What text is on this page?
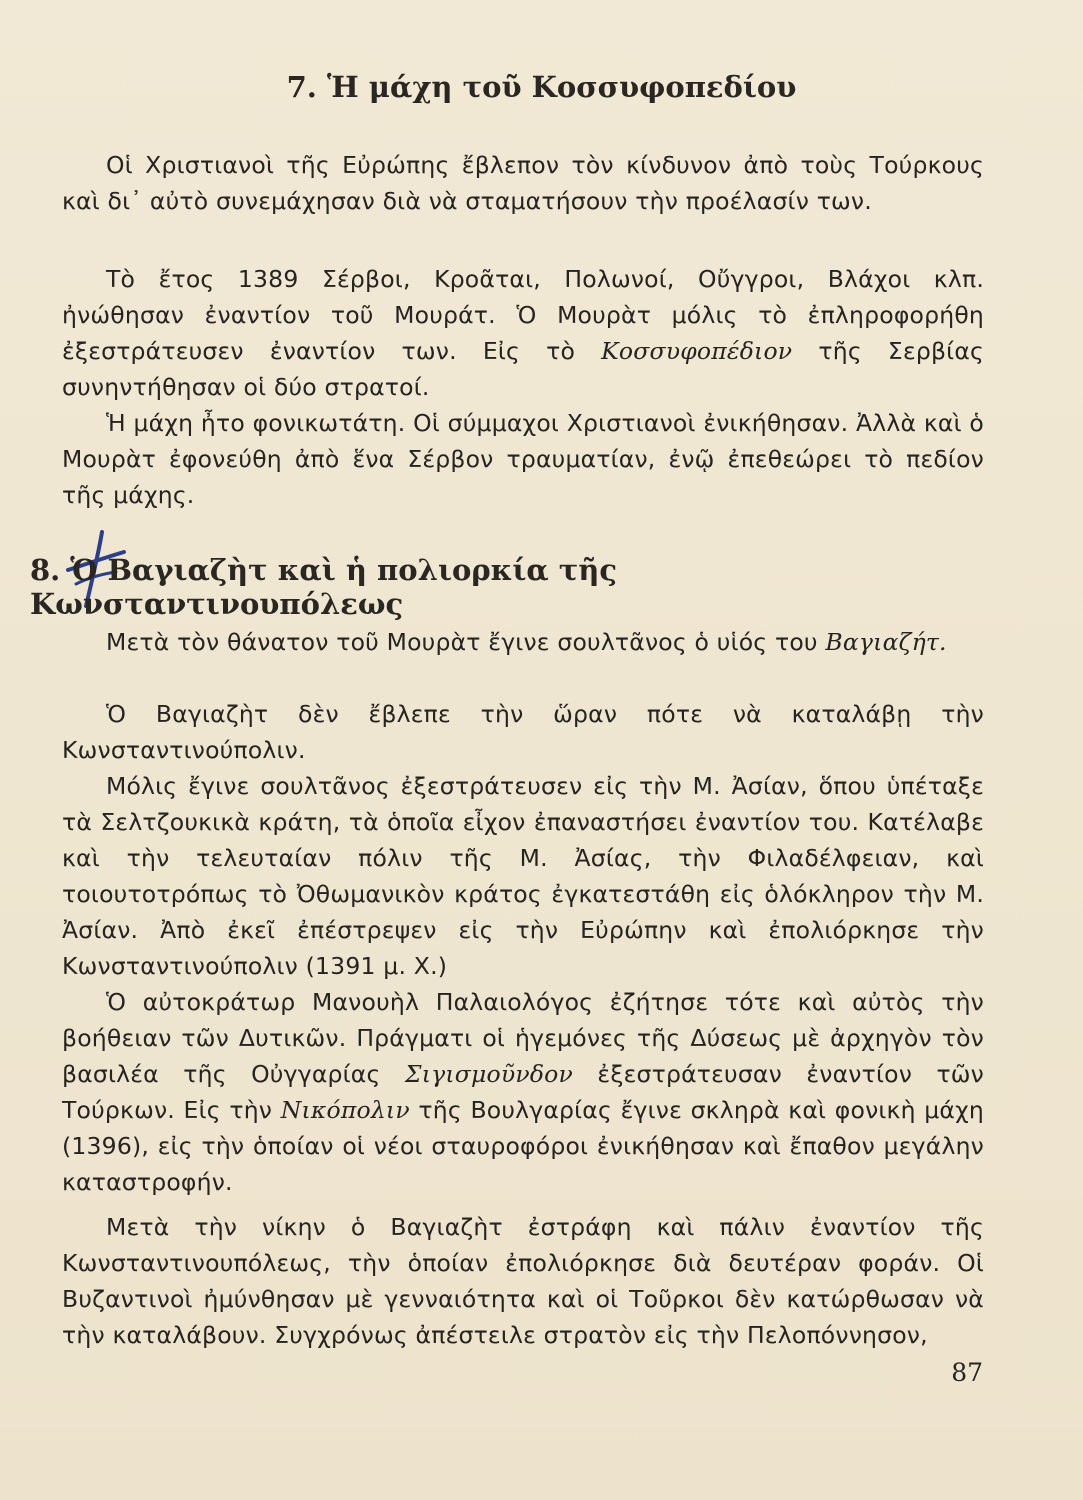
7. Ἡ μάχη τοῦ Κοσσυφοπεδίου
Οἱ Χριστιανοὶ τῆς Εὐρώπης ἔβλεπον τὸν κίνδυνον ἀπὸ τοὺς Τούρκους καὶ δι᾽ αὐτὸ συνεμάχησαν διὰ νὰ σταματήσουν τὴν προέλασίν των.
Τὸ ἔτος 1389 Σέρβοι, Κροᾶται, Πολωνοί, Οὔγγροι, Βλάχοι κλπ. ἠνώθησαν ἐναντίον τοῦ Μουράτ. Ὁ Μουρὰτ μόλις τὸ ἐπληροφορήθη ἐξεστράτευσεν ἐναντίον των. Εἰς τὸ Κοσσυφοπέδιον τῆς Σερβίας συνηντήθησαν οἱ δύο στρατοί.
Ἡ μάχη ἦτο φονικωτάτη. Οἱ σύμμαχοι Χριστιανοὶ ἐνικήθησαν. Ἀλλὰ καὶ ὁ Μουρὰτ ἐφονεύθη ἀπὸ ἕνα Σέρβον τραυματίαν, ἐνῷ ἐπεθεώρει τὸ πεδίον τῆς μάχης.
8. Ὁ Βαγιαζὴτ καὶ ἡ πολιορκία τῆς Κωνσταντινουπόλεως
Μετὰ τὸν θάνατον τοῦ Μουρὰτ ἔγινε σουλτᾶνος ὁ υἱός του Βαγιαζήτ.
Ὁ Βαγιαζὴτ δὲν ἔβλεπε τὴν ὥραν πότε νὰ καταλάβῃ τὴν Κωνσταντινούπολιν.
Μόλις ἔγινε σουλτᾶνος ἐξεστράτευσεν εἰς τὴν Μ. Ἀσίαν, ὅπου ὑπέταξε τὰ Σελτζουκικὰ κράτη, τὰ ὁποῖα εἶχον ἐπαναστήσει ἐναντίον του. Κατέλαβε καὶ τὴν τελευταίαν πόλιν τῆς Μ. Ἀσίας, τὴν Φιλαδέλφειαν, καὶ τοιουτοτρόπως τὸ Ὀθωμανικὸν κράτος ἐγκατεστάθη εἰς ὁλόκληρον τὴν Μ. Ἀσίαν. Ἀπὸ ἐκεῖ ἐπέστρεψεν εἰς τὴν Εὐρώπην καὶ ἐπολιόρκησε τὴν Κωνσταντινούπολιν (1391 μ. Χ.)
Ὁ αὐτοκράτωρ Μανουὴλ Παλαιολόγος ἐζήτησε τότε καὶ αὐτὸς τὴν βοήθειαν τῶν Δυτικῶν. Πράγματι οἱ ἡγεμόνες τῆς Δύσεως μὲ ἀρχηγὸν τὸν βασιλέα τῆς Οὐγγαρίας Σιγισμοῦνδον ἐξεστράτευσαν ἐναντίον τῶν Τούρκων. Εἰς τὴν Νικόπολιν τῆς Βουλγαρίας ἔγινε σκληρὰ καὶ φονικὴ μάχη (1396), εἰς τὴν ὁποίαν οἱ νέοι σταυροφόροι ἐνικήθησαν καὶ ἔπαθον μεγάλην καταστροφήν.
Μετὰ τὴν νίκην ὁ Βαγιαζὴτ ἐστράφη καὶ πάλιν ἐναντίον τῆς Κωνσταντινουπόλεως, τὴν ὁποίαν ἐπολιόρκησε διὰ δευτέραν φοράν. Οἱ Βυζαντινοὶ ἠμύνθησαν μὲ γενναιότητα καὶ οἱ Τοῦρκοι δὲν κατώρθωσαν νὰ τὴν καταλάβουν. Συγχρόνως ἀπέστειλε στρατὸν εἰς τὴν Πελοπόννησον,
87
